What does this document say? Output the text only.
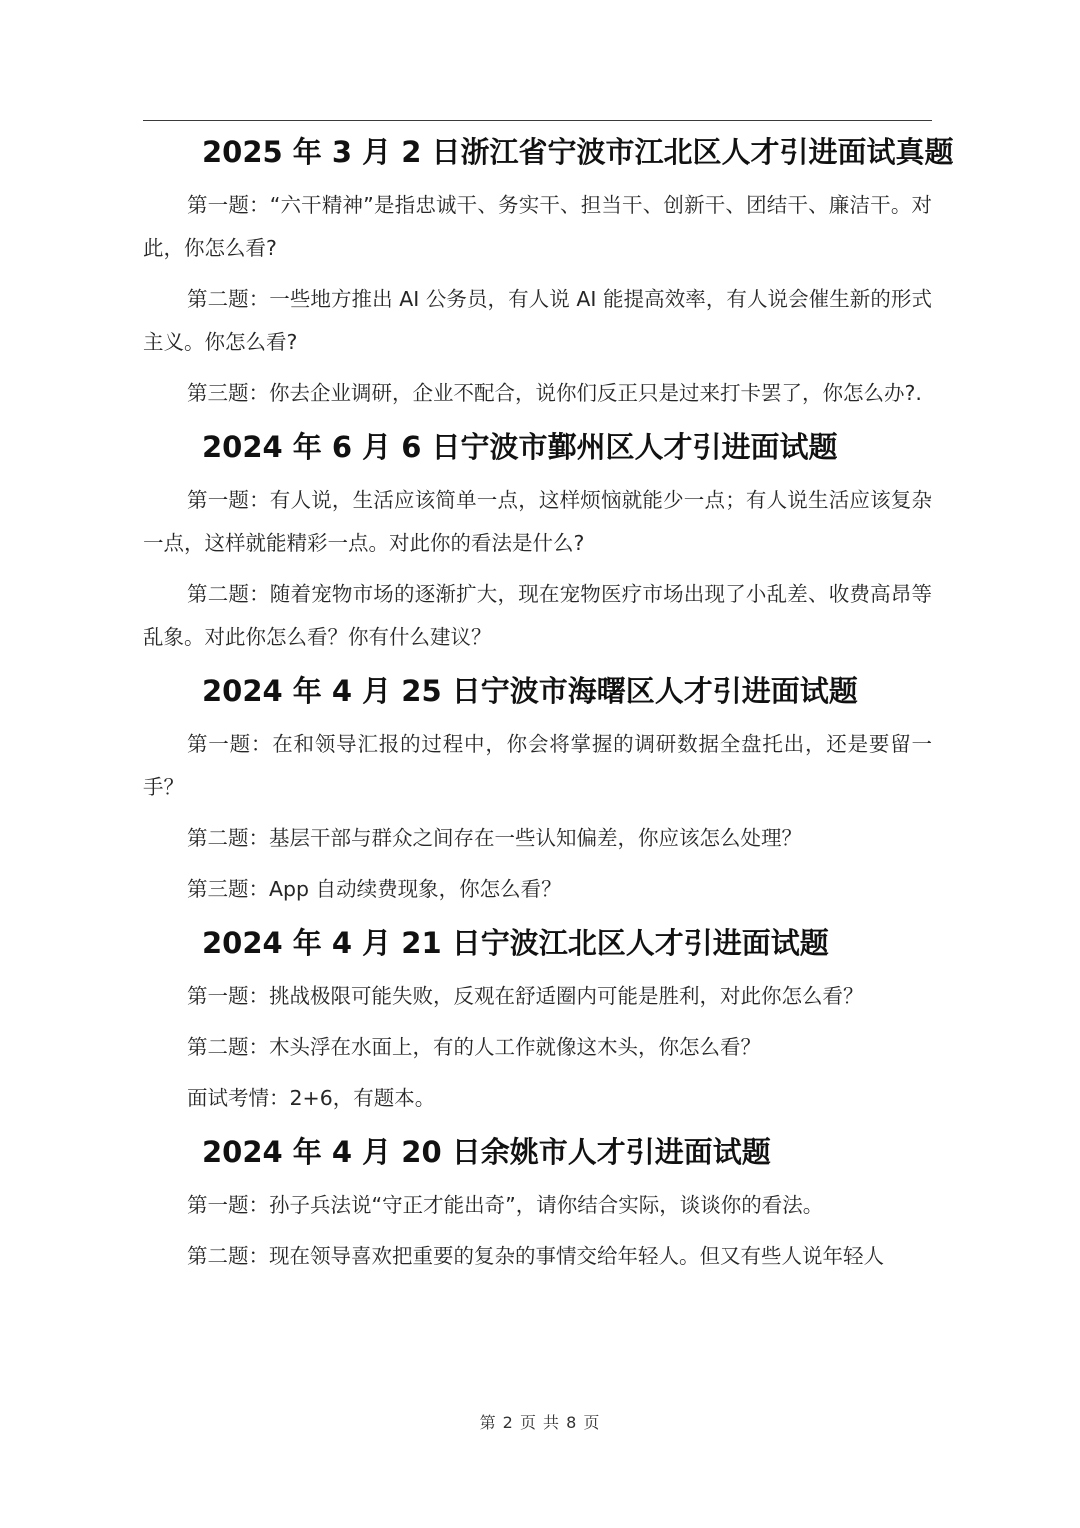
2025 年 3 月 2 日浙江省宁波市江北区人才引进面试真题

第一题：“六干精神”是指忠诚干、务实干、担当干、创新干、团结干、廉洁干。对此，你怎么看?

第二题：一些地方推出 AI 公务员，有人说 AI 能提高效率，有人说会催生新的形式主义。你怎么看?

第三题：你去企业调研，企业不配合，说你们反正只是过来打卡罢了，你怎么办?.

2024 年 6 月 6 日宁波市鄞州区人才引进面试题

第一题：有人说，生活应该简单一点，这样烦恼就能少一点；有人说生活应该复杂一点，这样就能精彩一点。对此你的看法是什么?

第二题：随着宠物市场的逐渐扩大，现在宠物医疗市场出现了小乱差、收费高昂等乱象。对此你怎么看？你有什么建议？

2024 年 4 月 25 日宁波市海曙区人才引进面试题

第一题：在和领导汇报的过程中，你会将掌握的调研数据全盘托出，还是要留一手？

第二题：基层干部与群众之间存在一些认知偏差，你应该怎么处理？

第三题：App 自动续费现象，你怎么看？

2024 年 4 月 21 日宁波江北区人才引进面试题

第一题：挑战极限可能失败，反观在舒适圈内可能是胜利，对此你怎么看？

第二题：木头浮在水面上，有的人工作就像这木头，你怎么看？

面试考情：2+6，有题本。

2024 年 4 月 20 日余姚市人才引进面试题

第一题：孙子兵法说“守正才能出奇”，请你结合实际，谈谈你的看法。

第二题：现在领导喜欢把重要的复杂的事情交给年轻人。但又有些人说年轻人

第 2 页 共 8 页
